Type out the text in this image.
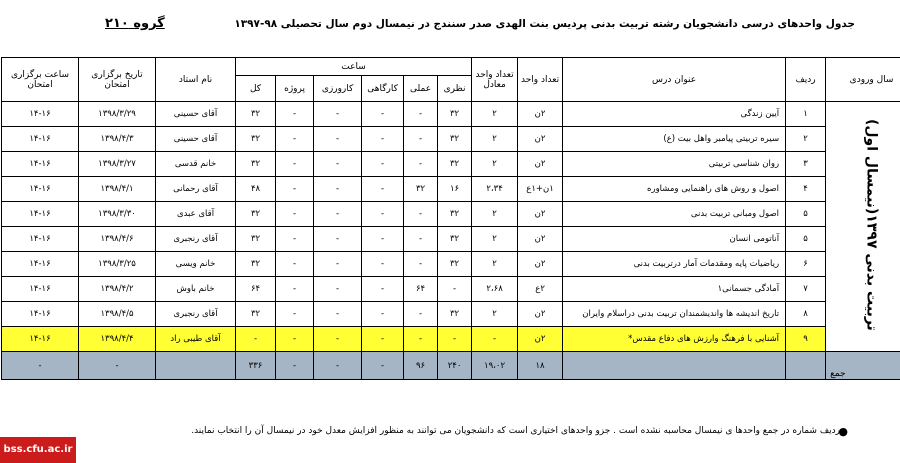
جدول واحدهای درسی دانشجویان رشته تربیت بدنی پردیس بنت الهدی صدر سنندج در نیمسال دوم سال تحصیلی ۹۸-۱۳۹۷
گروه ۲۱۰
سال ورودی	ردیف	عنوان درس	تعداد واحد	تعداد واحد معادل	ساعت						نام استاد	تاریخ برگزاری امتحان	ساعت برگزاری امتحان
					نظری	عملی	کارگاهی	کارورزی	پروژه	کل			
تربیت بدنی ۱۳۹۷(نیمسال اول)	۱	آیین زندگی	۲ن	۲	۳۲	-	-	-	-	۳۲	آقای حسینی	۱۳۹۸/۳/۲۹	۱۴-۱۶
	۲	سیره تربیتی پیامبر واهل بیت (ع)	۲ن	۲	۳۲	-	-	-	-	۳۲	آقای حسینی	۱۳۹۸/۴/۳	۱۴-۱۶
	۳	روان شناسی تربیتی	۲ن	۲	۳۲	-	-	-	-	۳۲	خانم قدسی	۱۳۹۸/۳/۲۷	۱۴-۱۶
	۴	اصول و روش های راهنمایی ومشاوره	۱ن+۱ع	۲،۳۴	۱۶	۳۲	-	-	-	۴۸	آقای رحمانی	۱۳۹۸/۴/۱	۱۴-۱۶
	۵	اصول ومبانی تربیت بدنی	۲ن	۲	۳۲	-	-	-	-	۳۲	آقای عبدی	۱۳۹۸/۳/۳۰	۱۴-۱۶
	۵	آناتومی انسان	۲ن	۲	۳۲	-	-	-	-	۳۲	آقای رنجبری	۱۳۹۸/۴/۶	۱۴-۱۶
	۶	ریاضیات پایه ومقدمات آمار درتربیت بدنی	۲ن	۲	۳۲	-	-	-	-	۳۲	خانم ویسی	۱۳۹۸/۳/۲۵	۱۴-۱۶
	۷	آمادگی جسمانی۱	۲ع	۲،۶۸	-	۶۴	-	-	-	۶۴	خانم باوش	۱۳۹۸/۴/۲	۱۴-۱۶
	۸	تاریخ اندیشه ها واندیشمندان تربیت بدنی دراسلام وایران	۲ن	۲	۳۲	-	-	-	-	۳۲	آقای رنجبری	۱۳۹۸/۴/۵	۱۴-۱۶
	۹	آشنایی با فرهنگ وارزش های دفاع مقدس*	۲ن	-	-	-	-	-	-	-	آقای طیبی راد	۱۳۹۸/۴/۴	۱۴-۱۶
جمع			۱۸	۱۹،۰۲	۲۴۰	۹۶	-	-	-	۳۳۶		-	-
●
ردیف شماره در جمع واحدها ی نیمسال محاسبه نشده است . جزو واحدهای اختیاری است که دانشجویان می توانند به منظور افزایش معدل خود در نیمسال آن را انتخاب نمایند.
bss.cfu.ac.ir
